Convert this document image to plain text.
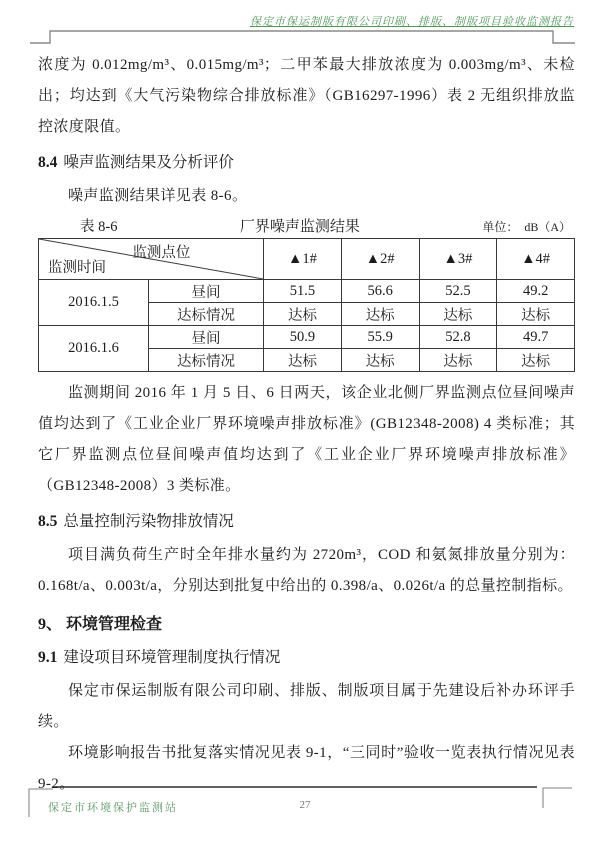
保定市保运制版有限公司印刷、排版、制版项目验收监测报告

浓度为 0.012mg/m³、0.015mg/m³；二甲苯最大排放浓度为 0.003mg/m³、未检出；均达到《大气污染物综合排放标准》（GB16297-1996）表 2 无组织排放监控浓度限值。

8.4 噪声监测结果及分析评价

噪声监测结果详见表 8-6。

表 8-6	厂界噪声监测结果	单位：  dB（A）
监测点位
监测时间		▲1#	▲2#	▲3#	▲4#
2016.1.5	昼间	51.5	56.6	52.5	49.2
	达标情况	达标	达标	达标	达标
2016.1.6	昼间	50.9	55.9	52.8	49.7
	达标情况	达标	达标	达标	达标

监测期间 2016 年 1 月 5 日、6 日两天，该企业北侧厂界监测点位昼间噪声值均达到了《工业企业厂界环境噪声排放标准》(GB12348-2008) 4 类标准；其它厂界监测点位昼间噪声值均达到了《工业企业厂界环境噪声排放标准》（GB12348-2008）3 类标准。

8.5 总量控制污染物排放情况

项目满负荷生产时全年排水量约为 2720m³，COD 和氨氮排放量分别为：0.168t/a、0.003t/a，分别达到批复中给出的 0.398/a、0.026t/a 的总量控制指标。

9、 环境管理检查
9.1 建设项目环境管理制度执行情况

保定市保运制版有限公司印刷、排版、制版项目属于先建设后补办环评手续。

环境影响报告书批复落实情况见表 9-1，“三同时”验收一览表执行情况见表 9-2。

保定市环境保护监测站	27
